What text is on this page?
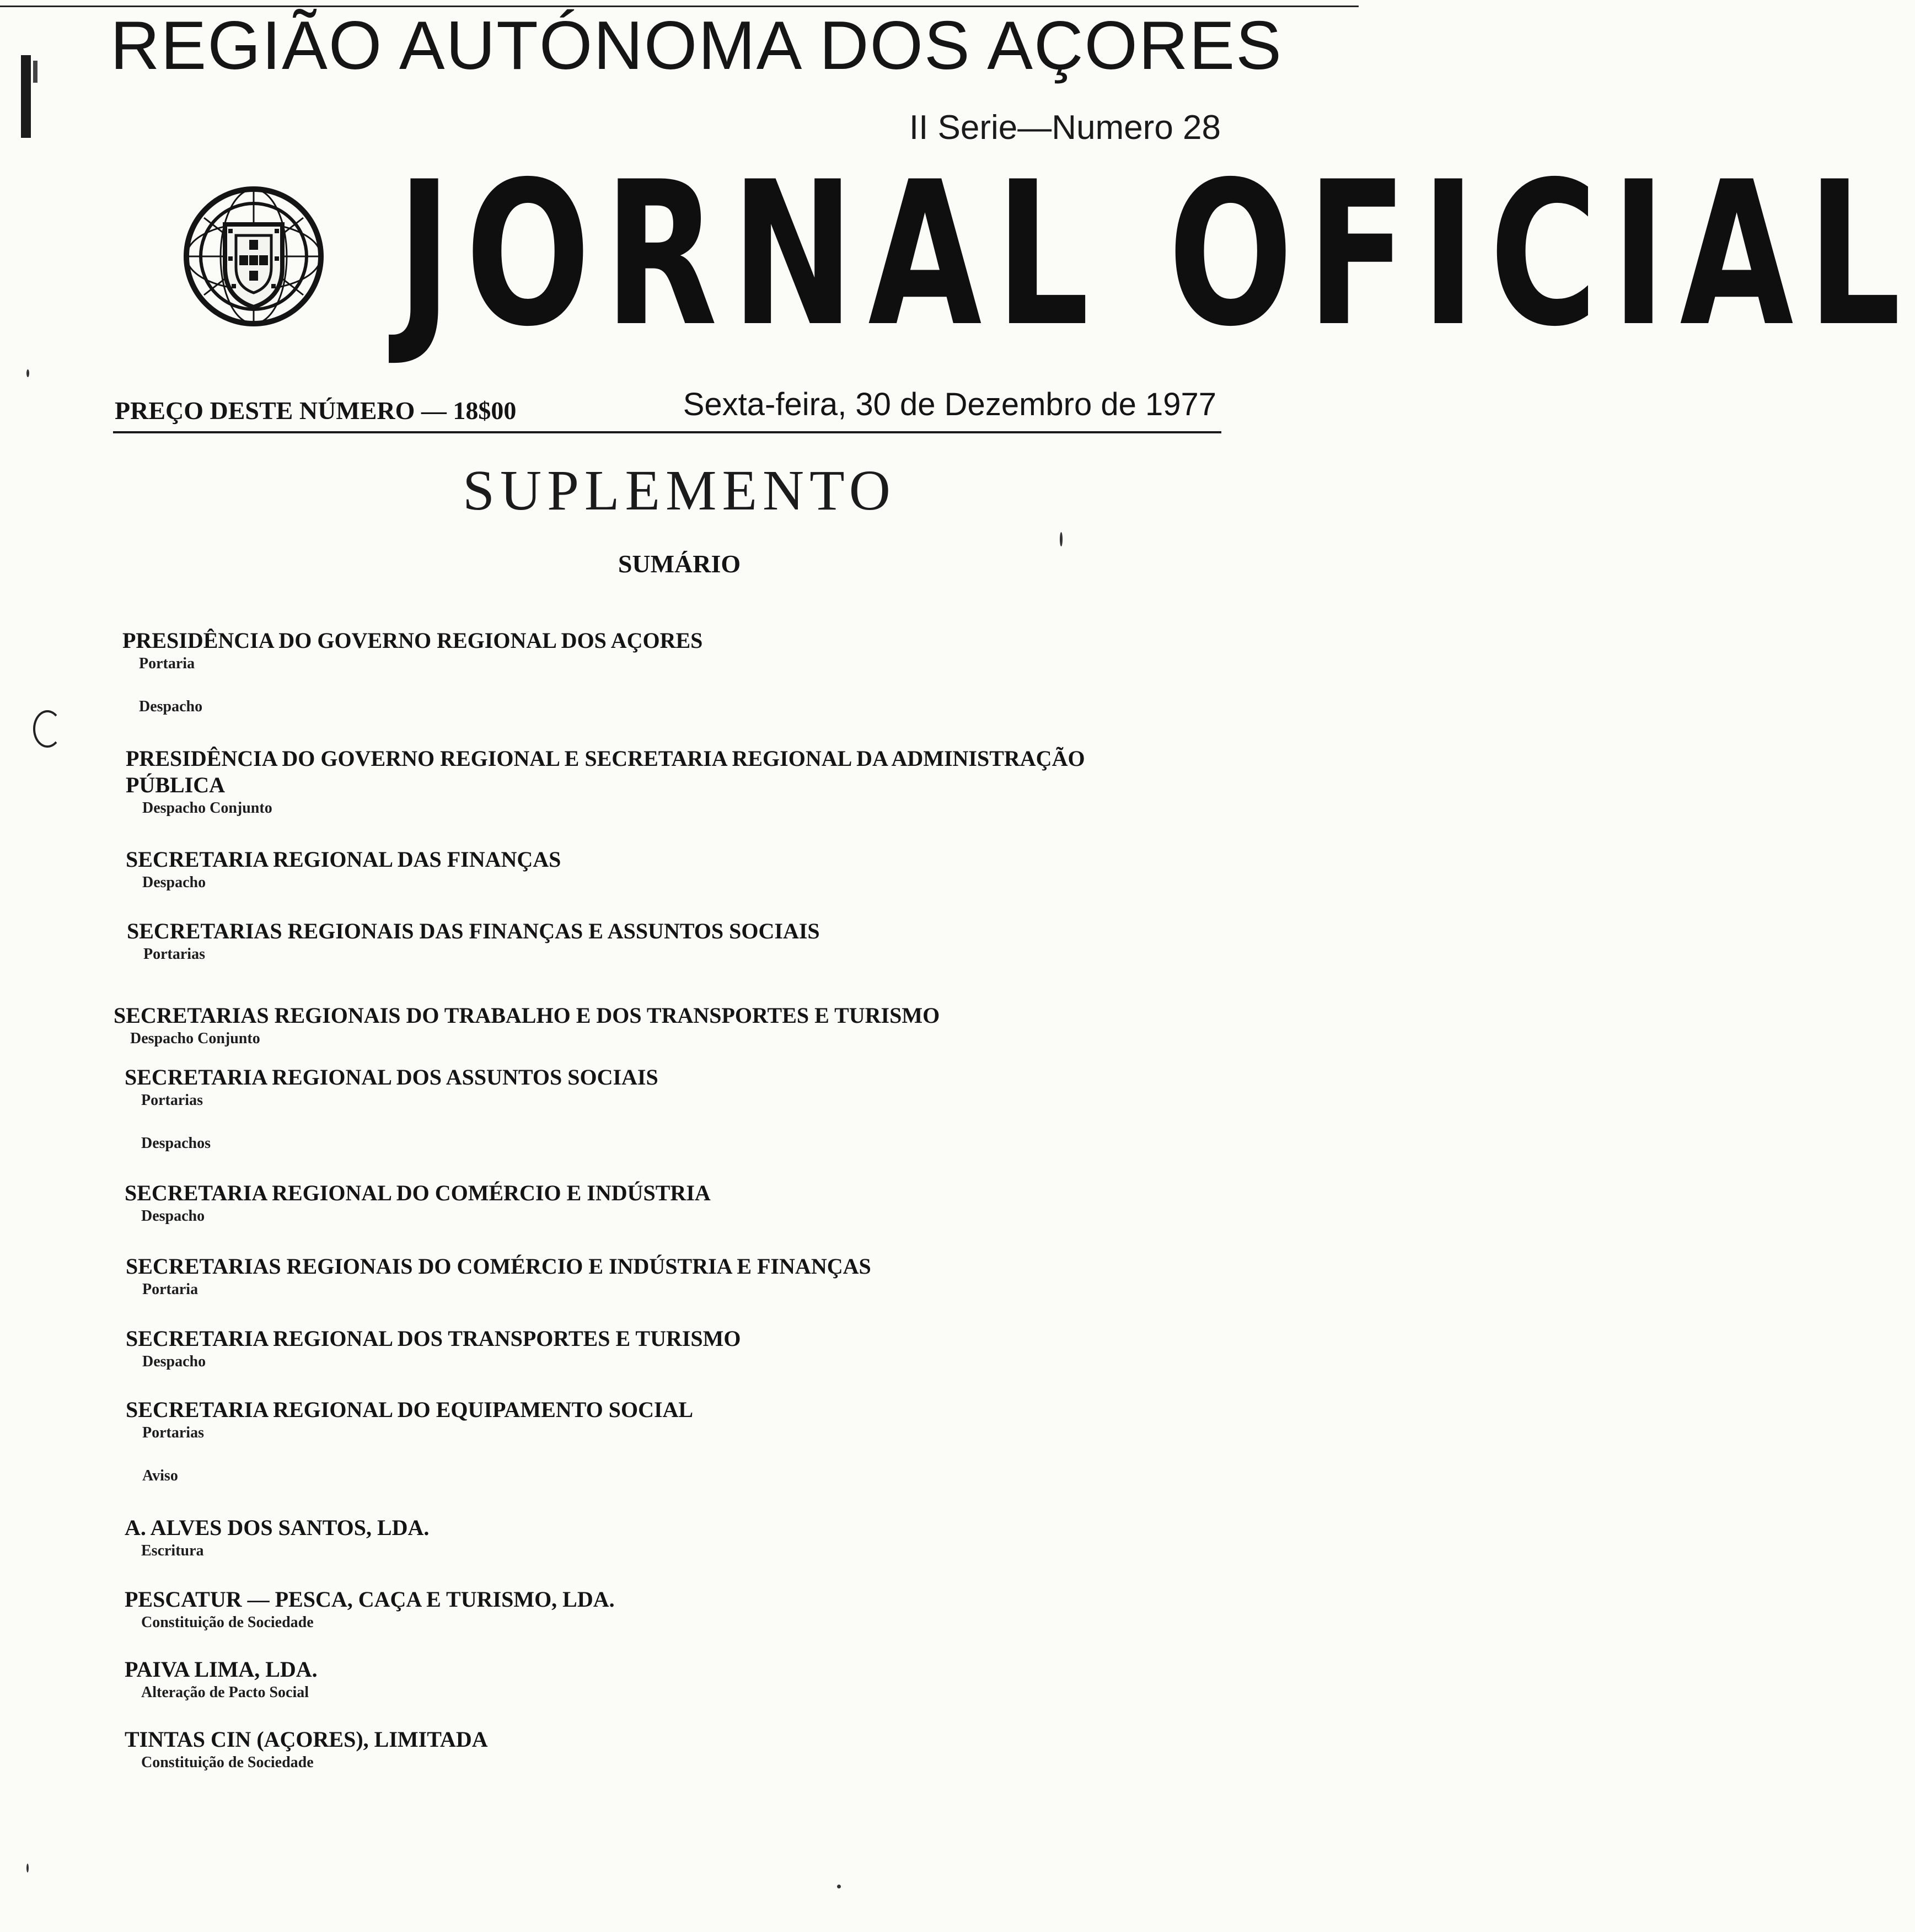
REGIÃO AUTÓNOMA DOS AÇORES
II Serie—Numero 28
JORNAL OFICIAL
PREÇO DESTE NÚMERO — 18$00	Sexta-feira, 30 de Dezembro de 1977
SUPLEMENTO
SUMÁRIO
PRESIDÊNCIA DO GOVERNO REGIONAL DOS AÇORES
Portaria
Despacho
PRESIDÊNCIA DO GOVERNO REGIONAL E SECRETARIA REGIONAL DA ADMINISTRAÇÃO PÚBLICA
Despacho Conjunto
SECRETARIA REGIONAL DAS FINANÇAS
Despacho
SECRETARIAS REGIONAIS DAS FINANÇAS E ASSUNTOS SOCIAIS
Portarias
SECRETARIAS REGIONAIS DO TRABALHO E DOS TRANSPORTES E TURISMO
Despacho Conjunto
SECRETARIA REGIONAL DOS ASSUNTOS SOCIAIS
Portarias
Despachos
SECRETARIA REGIONAL DO COMÉRCIO E INDÚSTRIA
Despacho
SECRETARIAS REGIONAIS DO COMÉRCIO E INDÚSTRIA E FINANÇAS
Portaria
SECRETARIA REGIONAL DOS TRANSPORTES E TURISMO
Despacho
SECRETARIA REGIONAL DO EQUIPAMENTO SOCIAL
Portarias
Aviso
A. ALVES DOS SANTOS, LDA.
Escritura
PESCATUR — PESCA, CAÇA E TURISMO, LDA.
Constituição de Sociedade
PAIVA LIMA, LDA.
Alteração de Pacto Social
TINTAS CIN (AÇORES), LIMITADA
Constituição de Sociedade
